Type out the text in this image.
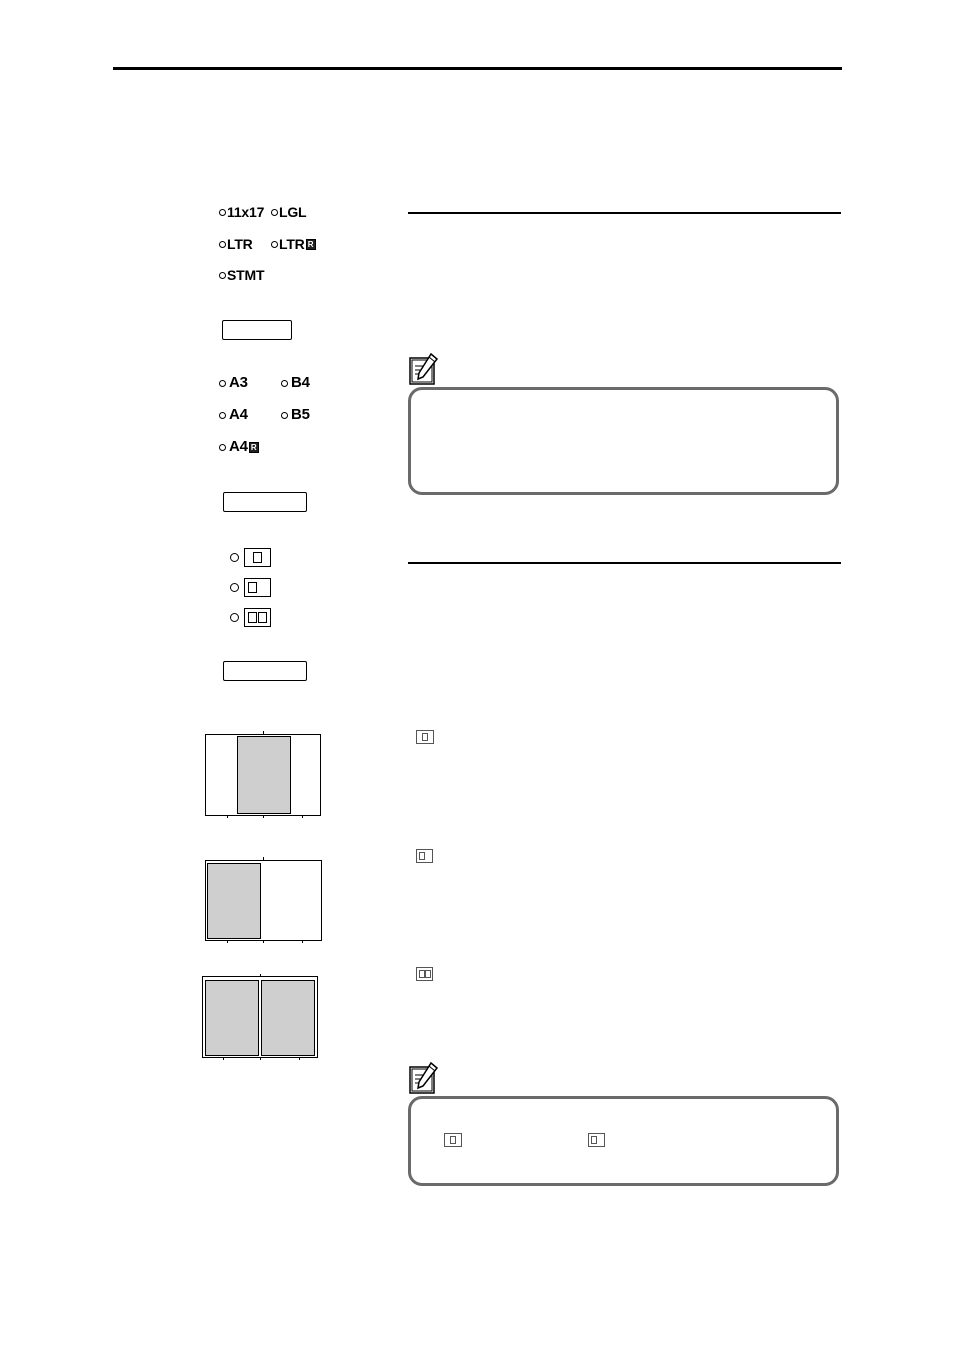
11x17 LGL
LTR LTR R
STMT
A3	B4
A4	B5
A4 R
